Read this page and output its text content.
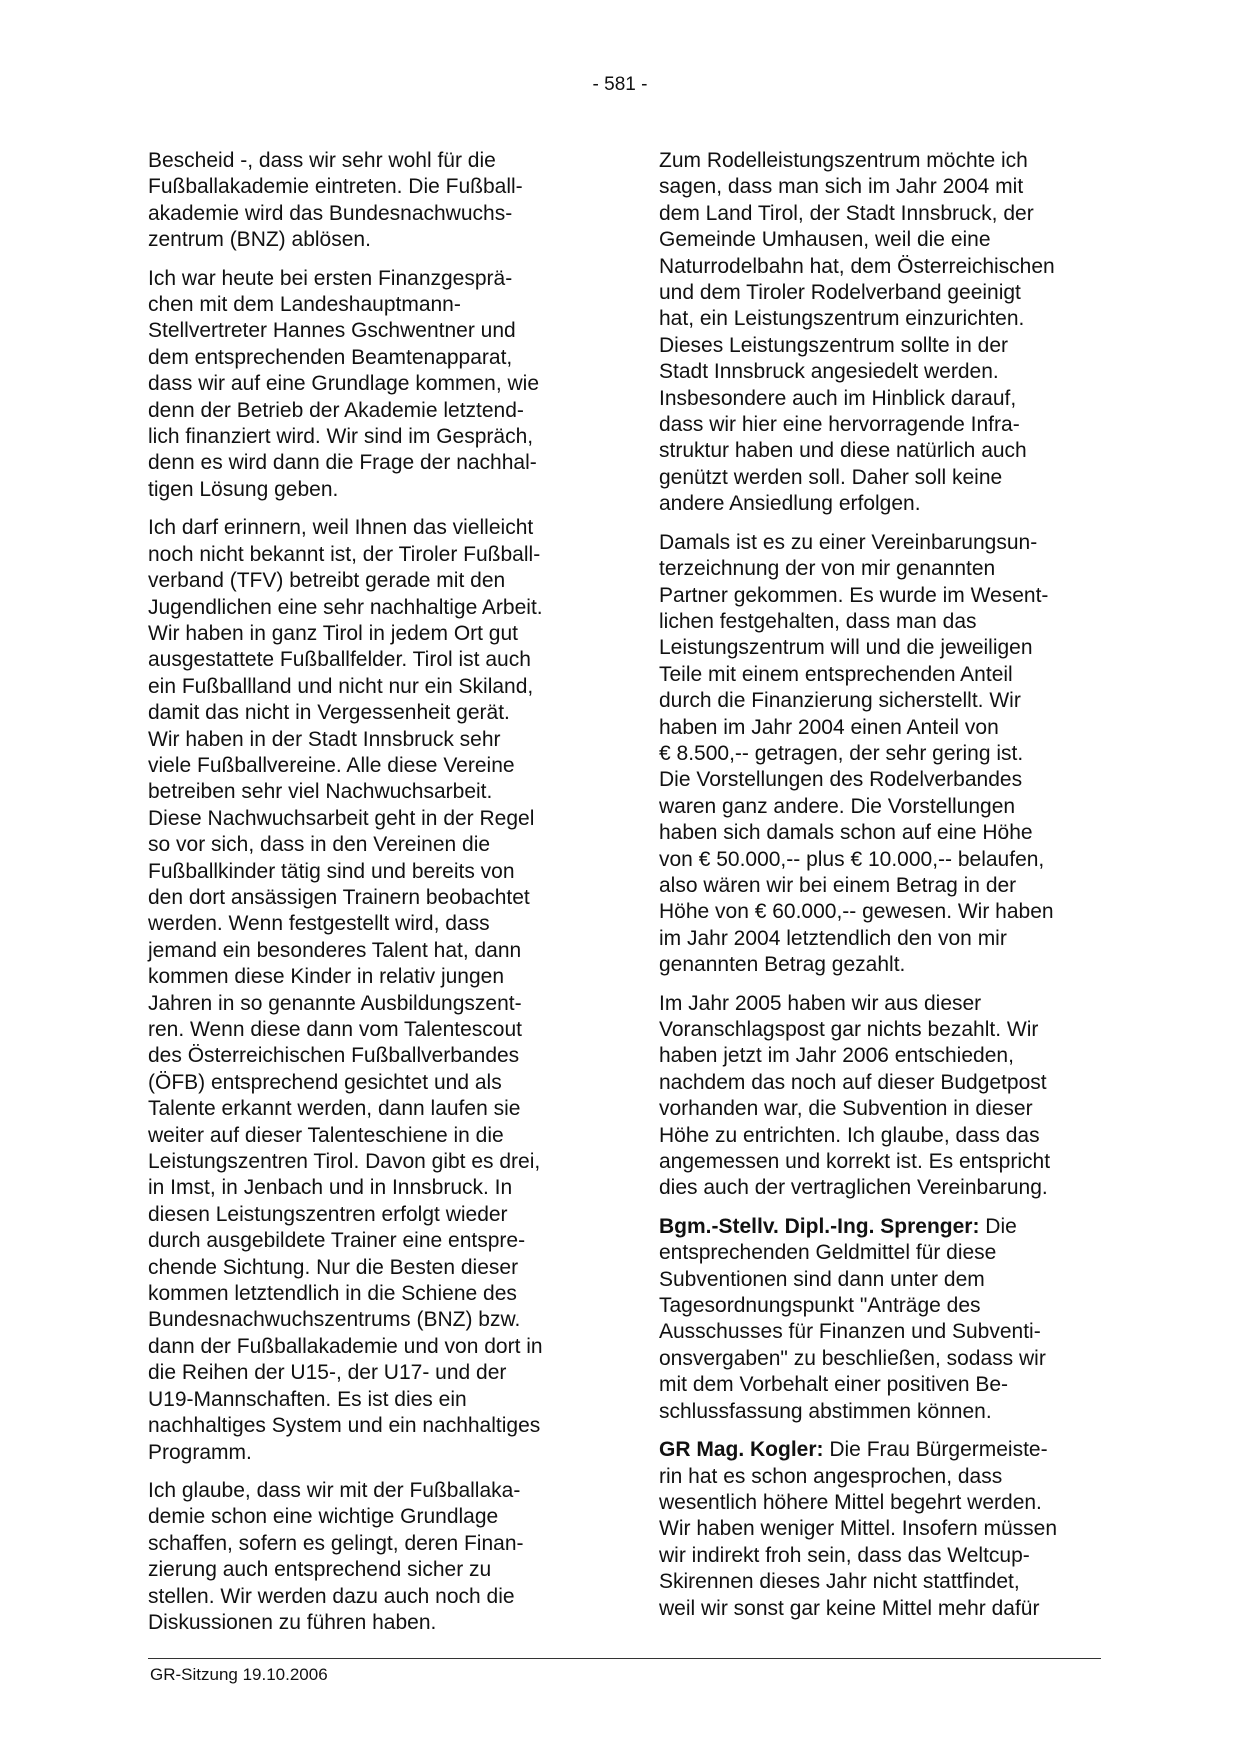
- 581 -

Bescheid -, dass wir sehr wohl für die
Fußballakademie eintreten. Die Fußball-
akademie wird das Bundesnachwuchs-
zentrum (BNZ) ablösen.

Ich war heute bei ersten Finanzgesprä-
chen mit dem Landeshauptmann-
Stellvertreter Hannes Gschwentner und
dem entsprechenden Beamtenapparat,
dass wir auf eine Grundlage kommen, wie
denn der Betrieb der Akademie letztend-
lich finanziert wird. Wir sind im Gespräch,
denn es wird dann die Frage der nachhal-
tigen Lösung geben.

Ich darf erinnern, weil Ihnen das vielleicht
noch nicht bekannt ist, der Tiroler Fußball-
verband (TFV) betreibt gerade mit den
Jugendlichen eine sehr nachhaltige Arbeit.
Wir haben in ganz Tirol in jedem Ort gut
ausgestattete Fußballfelder. Tirol ist auch
ein Fußballland und nicht nur ein Skiland,
damit das nicht in Vergessenheit gerät.
Wir haben in der Stadt Innsbruck sehr
viele Fußballvereine. Alle diese Vereine
betreiben sehr viel Nachwuchsarbeit.
Diese Nachwuchsarbeit geht in der Regel
so vor sich, dass in den Vereinen die
Fußballkinder tätig sind und bereits von
den dort ansässigen Trainern beobachtet
werden. Wenn festgestellt wird, dass
jemand ein besonderes Talent hat, dann
kommen diese Kinder in relativ jungen
Jahren in so genannte Ausbildungszent-
ren. Wenn diese dann vom Talentescout
des Österreichischen Fußballverbandes
(ÖFB) entsprechend gesichtet und als
Talente erkannt werden, dann laufen sie
weiter auf dieser Talenteschiene in die
Leistungszentren Tirol. Davon gibt es drei,
in Imst, in Jenbach und in Innsbruck. In
diesen Leistungszentren erfolgt wieder
durch ausgebildete Trainer eine entspre-
chende Sichtung. Nur die Besten dieser
kommen letztendlich in die Schiene des
Bundesnachwuchszentrums (BNZ) bzw.
dann der Fußballakademie und von dort in
die Reihen der U15-, der U17- und der
U19-Mannschaften. Es ist dies ein
nachhaltiges System und ein nachhaltiges
Programm.

Ich glaube, dass wir mit der Fußballaka-
demie schon eine wichtige Grundlage
schaffen, sofern es gelingt, deren Finan-
zierung auch entsprechend sicher zu
stellen. Wir werden dazu auch noch die
Diskussionen zu führen haben.

Zum Rodelleistungszentrum möchte ich
sagen, dass man sich im Jahr 2004 mit
dem Land Tirol, der Stadt Innsbruck, der
Gemeinde Umhausen, weil die eine
Naturrodelbahn hat, dem Österreichischen
und dem Tiroler Rodelverband geeinigt
hat, ein Leistungszentrum einzurichten.
Dieses Leistungszentrum sollte in der
Stadt Innsbruck angesiedelt werden.
Insbesondere auch im Hinblick darauf,
dass wir hier eine hervorragende Infra-
struktur haben und diese natürlich auch
genützt werden soll. Daher soll keine
andere Ansiedlung erfolgen.

Damals ist es zu einer Vereinbarungsun-
terzeichnung der von mir genannten
Partner gekommen. Es wurde im Wesent-
lichen festgehalten, dass man das
Leistungszentrum will und die jeweiligen
Teile mit einem entsprechenden Anteil
durch die Finanzierung sicherstellt. Wir
haben im Jahr 2004 einen Anteil von
€ 8.500,-- getragen, der sehr gering ist.
Die Vorstellungen des Rodelverbandes
waren ganz andere. Die Vorstellungen
haben sich damals schon auf eine Höhe
von € 50.000,-- plus € 10.000,-- belaufen,
also wären wir bei einem Betrag in der
Höhe von € 60.000,-- gewesen. Wir haben
im Jahr 2004 letztendlich den von mir
genannten Betrag gezahlt.

Im Jahr 2005 haben wir aus dieser
Voranschlagspost gar nichts bezahlt. Wir
haben jetzt im Jahr 2006 entschieden,
nachdem das noch auf dieser Budgetpost
vorhanden war, die Subvention in dieser
Höhe zu entrichten. Ich glaube, dass das
angemessen und korrekt ist. Es entspricht
dies auch der vertraglichen Vereinbarung.

Bgm.-Stellv. Dipl.-Ing. Sprenger: Die
entsprechenden Geldmittel für diese
Subventionen sind dann unter dem
Tagesordnungspunkt "Anträge des
Ausschusses für Finanzen und Subventi-
onsvergaben" zu beschließen, sodass wir
mit dem Vorbehalt einer positiven Be-
schlussfassung abstimmen können.

GR Mag. Kogler: Die Frau Bürgermeiste-
rin hat es schon angesprochen, dass
wesentlich höhere Mittel begehrt werden.
Wir haben weniger Mittel. Insofern müssen
wir indirekt froh sein, dass das Weltcup-
Skirennen dieses Jahr nicht stattfindet,
weil wir sonst gar keine Mittel mehr dafür

GR-Sitzung 19.10.2006
